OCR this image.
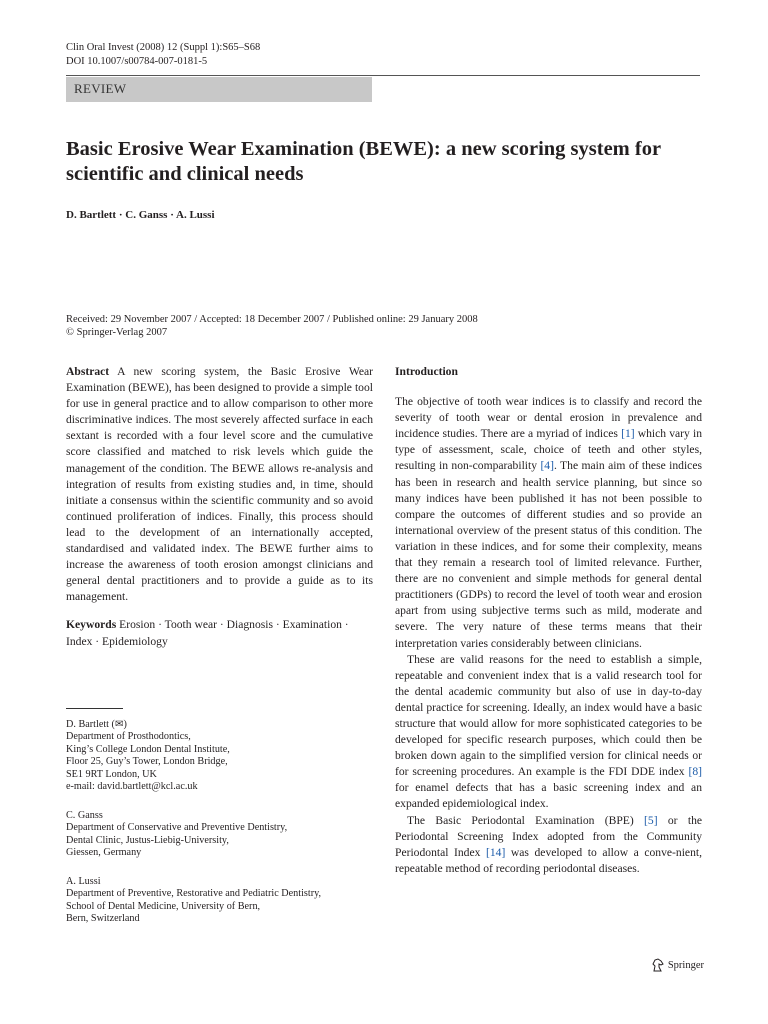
Clin Oral Invest (2008) 12 (Suppl 1):S65–S68
DOI 10.1007/s00784-007-0181-5
REVIEW
Basic Erosive Wear Examination (BEWE): a new scoring system for scientific and clinical needs
D. Bartlett · C. Ganss · A. Lussi
Received: 29 November 2007 / Accepted: 18 December 2007 / Published online: 29 January 2008
© Springer-Verlag 2007

Abstract A new scoring system, the Basic Erosive Wear Examination (BEWE), has been designed to provide a simple tool for use in general practice and to allow comparison to other more discriminative indices. The most severely affected surface in each sextant is recorded with a four level score and the cumulative score classified and matched to risk levels which guide the management of the condition. The BEWE allows re-analysis and integration of results from existing studies and, in time, should initiate a consensus within the scientific community and so avoid continued proliferation of indices. Finally, this process should lead to the development of an internationally accepted, standardised and validated index. The BEWE further aims to increase the awareness of tooth erosion amongst clinicians and general dental practitioners and to provide a guide as to its management.

Keywords Erosion · Tooth wear · Diagnosis · Examination · Index · Epidemiology

D. Bartlett (✉)
Department of Prosthodontics,
King’s College London Dental Institute,
Floor 25, Guy’s Tower, London Bridge,
SE1 9RT London, UK
e-mail: david.bartlett@kcl.ac.uk
C. Ganss
Department of Conservative and Preventive Dentistry,
Dental Clinic, Justus-Liebig-University,
Giessen, Germany
A. Lussi
Department of Preventive, Restorative and Pediatric Dentistry,
School of Dental Medicine, University of Bern,
Bern, Switzerland

Introduction

The objective of tooth wear indices is to classify and record the severity of tooth wear or dental erosion in prevalence and incidence studies. There are a myriad of indices [1] which vary in type of assessment, scale, choice of teeth and other styles, resulting in non-comparability [4]. The main aim of these indices has been in research and health service planning, but since so many indices have been published it has not been possible to compare the outcomes of different studies and so provide an international overview of the present status of this condition. The variation in these indices, and for some their complexity, means that they remain a research tool of limited relevance. Further, there are no convenient and simple methods for general dental practitioners (GDPs) to record the level of tooth wear and erosion apart from using subjective terms such as mild, moderate and severe. The very nature of these terms means that their interpretation varies considerably between clinicians.

These are valid reasons for the need to establish a simple, repeatable and convenient index that is a valid research tool for the dental academic community but also of use in day-to-day dental practice for screening. Ideally, an index would have a basic structure that would allow for more sophisticated categories to be developed for specific research purposes, which could then be broken down again to the simplified version for clinical needs or for screening procedures. An example is the FDI DDE index [8] for enamel defects that has a basic screening index and an expanded epidemiological index.

The Basic Periodontal Examination (BPE) [5] or the Periodontal Screening Index adopted from the Community Periodontal Index [14] was developed to allow a conve-nient, repeatable method of recording periodontal diseases.

Springer
